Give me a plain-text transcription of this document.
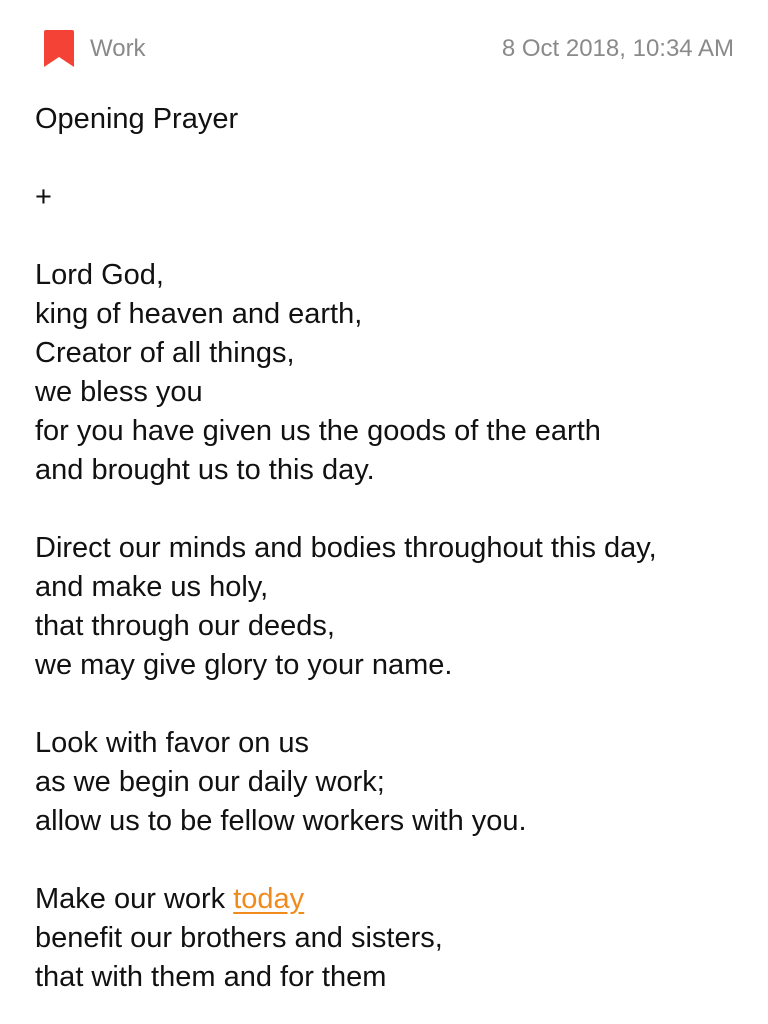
Work	8 Oct 2018, 10:34 AM
Opening Prayer
+
Lord God,
king of heaven and earth,
Creator of all things,
we bless you
for you have given us the goods of the earth
and brought us to this day.
Direct our minds and bodies throughout this day,
and make us holy,
that through our deeds,
we may give glory to your name.
Look with favor on us
as we begin our daily work;
allow us to be fellow workers with you.
Make our work today
benefit our brothers and sisters,
that with them and for them
